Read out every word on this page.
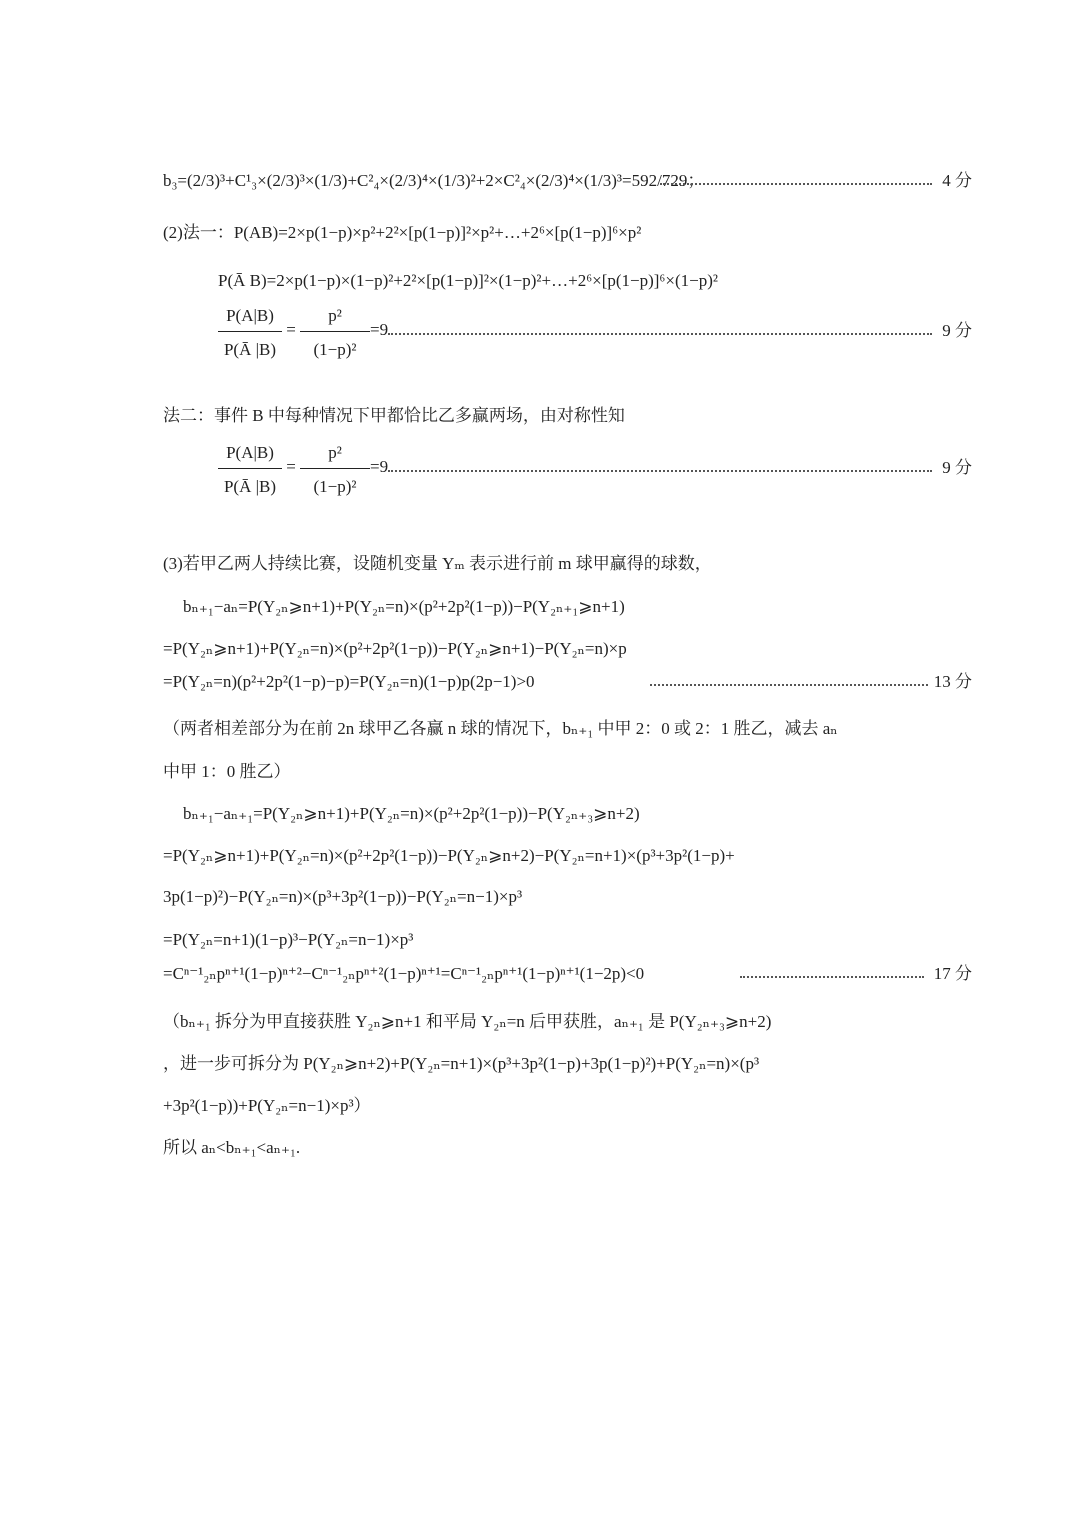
b₃=(2/3)³+C¹₃×(2/3)³×(1/3)+C²₄×(2/3)⁴×(1/3)²+2×C²₄×(2/3)⁴×(1/3)³=592/729；	4 分
(2)法一：P(AB)=2×p(1−p)×p²+2²×[p(1−p)]²×p²+…+2⁶×[p(1−p)]⁶×p²
P(Ā B)=2×p(1−p)×(1−p)²+2²×[p(1−p)]²×(1−p)²+…+2⁶×[p(1−p)]⁶×(1−p)²
P(A|B)
P(Ā |B)
=
p²
(1−p)²
=9	9 分
法二：事件 B 中每种情况下甲都恰比乙多赢两场，由对称性知
P(A|B)
P(Ā |B)
=
p²
(1−p)²
=9	9 分
(3)若甲乙两人持续比赛，设随机变量 Yₘ 表示进行前 m 球甲赢得的球数，
bₙ₊₁−aₙ=P(Y₂ₙ⩾n+1)+P(Y₂ₙ=n)×(p²+2p²(1−p))−P(Y₂ₙ₊₁⩾n+1)
=P(Y₂ₙ⩾n+1)+P(Y₂ₙ=n)×(p²+2p²(1−p))−P(Y₂ₙ⩾n+1)−P(Y₂ₙ=n)×p
=P(Y₂ₙ=n)(p²+2p²(1−p)−p)=P(Y₂ₙ=n)(1−p)p(2p−1)>0	13 分
（两者相差部分为在前 2n 球甲乙各赢 n 球的情况下，bₙ₊₁ 中甲 2：0 或 2：1 胜乙，减去 aₙ
中甲 1：0 胜乙）
bₙ₊₁−aₙ₊₁=P(Y₂ₙ⩾n+1)+P(Y₂ₙ=n)×(p²+2p²(1−p))−P(Y₂ₙ₊₃⩾n+2)
=P(Y₂ₙ⩾n+1)+P(Y₂ₙ=n)×(p²+2p²(1−p))−P(Y₂ₙ⩾n+2)−P(Y₂ₙ=n+1)×(p³+3p²(1−p)+
3p(1−p)²)−P(Y₂ₙ=n)×(p³+3p²(1−p))−P(Y₂ₙ=n−1)×p³
=P(Y₂ₙ=n+1)(1−p)³−P(Y₂ₙ=n−1)×p³
=Cⁿ⁻¹₂ₙpⁿ⁺¹(1−p)ⁿ⁺²−Cⁿ⁻¹₂ₙpⁿ⁺²(1−p)ⁿ⁺¹=Cⁿ⁻¹₂ₙpⁿ⁺¹(1−p)ⁿ⁺¹(1−2p)<0	17 分
（bₙ₊₁ 拆分为甲直接获胜 Y₂ₙ⩾n+1 和平局 Y₂ₙ=n 后甲获胜，aₙ₊₁ 是 P(Y₂ₙ₊₃⩾n+2)
，进一步可拆分为 P(Y₂ₙ⩾n+2)+P(Y₂ₙ=n+1)×(p³+3p²(1−p)+3p(1−p)²)+P(Y₂ₙ=n)×(p³
+3p²(1−p))+P(Y₂ₙ=n−1)×p³）
所以 aₙ<bₙ₊₁<aₙ₊₁.
